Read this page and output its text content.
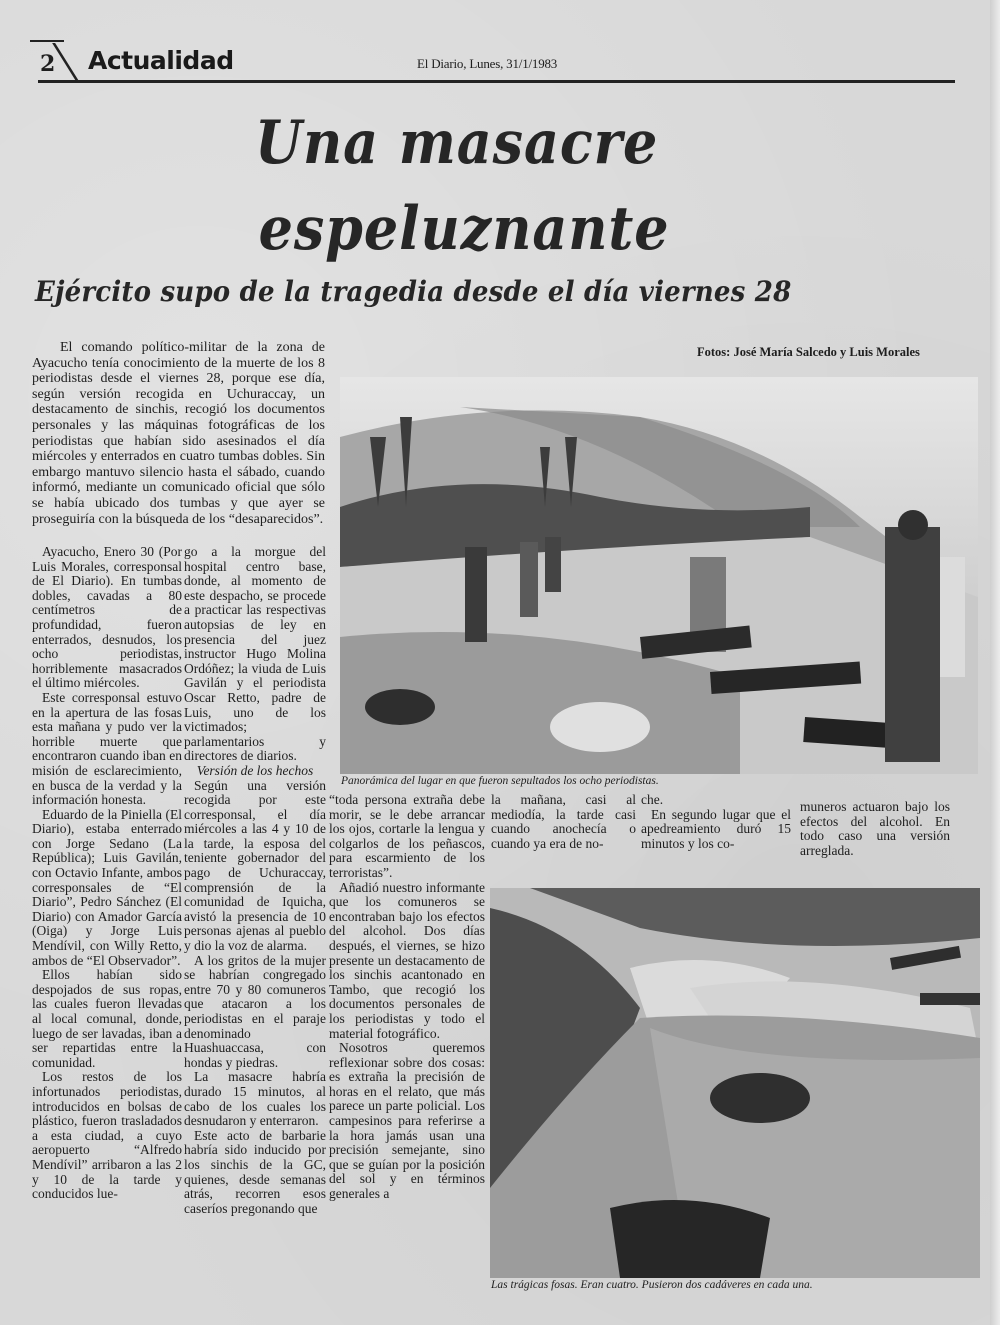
2 Actualidad	El Diario, Lunes, 31/1/1983
Una masacre
espeluznante
Ejército supo de la tragedia desde el día viernes 28
Fotos: José María Salcedo y Luis Morales
El comando político-militar de la zona de Ayacucho tenía conocimiento de la muerte de los 8 periodistas desde el viernes 28, porque ese día, según versión recogida en Uchuraccay, un destacamento de sinchis, recogió los documentos personales y las máquinas fotográficas de los periodistas que habían sido asesinados el día miércoles y enterrados en cuatro tumbas dobles. Sin embargo mantuvo silencio hasta el sábado, cuando informó, mediante un comunicado oficial que sólo se había ubicado dos tumbas y que ayer se proseguiría con la búsqueda de los “desaparecidos”.

Ayacucho, Enero 30 (Por Luis Morales, corresponsal de El Diario). En tumbas dobles, cavadas a 80 centímetros de profundidad, fueron enterrados, desnudos, los ocho periodistas, horriblemente masacrados el último miércoles.

Este corresponsal estuvo en la apertura de las fosas esta mañana y pudo ver la horrible muerte que encontraron cuando iban en misión de esclarecimiento, en busca de la verdad y la información honesta.

Eduardo de la Piniella (El Diario), estaba enterrado con Jorge Sedano (La República); Luis Gavilán, con Octavio Infante, ambos corresponsales de “El Diario”, Pedro Sánchez (El Diario) con Amador García (Oiga) y Jorge Luis Mendívil, con Willy Retto, ambos de “El Observador”.

Ellos habían sido despojados de sus ropas, las cuales fueron llevadas al local comunal, donde, luego de ser lavadas, iban a ser repartidas entre la comunidad.

Los restos de los infortunados periodistas, introducidos en bolsas de plástico, fueron trasladados a esta ciudad, a cuyo aeropuerto “Alfredo Mendívil” arribaron a las 2 y 10 de la tarde y conducidos lue-

go a la morgue del hospital centro base, donde, al momento de este despacho, se procede a practicar las respectivas autopsias de ley en presencia del juez instructor Hugo Molina Ordóñez; la viuda de Luis Gavilán y el periodista Oscar Retto, padre de Luis, uno de los victimados; parlamentarios y directores de diarios.

Versión de los hechos

Según una versión recogida por este corresponsal, el día miércoles a las 4 y 10 de la tarde, la esposa del teniente gobernador del pago de Uchuraccay, comprensión de la comunidad de Iquicha, avistó la presencia de 10 personas ajenas al pueblo y dio la voz de alarma.

A los gritos de la mujer se habrían congregado entre 70 y 80 comuneros que atacaron a los periodistas en el paraje denominado Huashuaccasa, con hondas y piedras.

La masacre habría durado 15 minutos, al cabo de los cuales los desnudaron y enterraron.

Este acto de barbarie habría sido inducido por los sinchis de la GC, quienes, desde semanas atrás, recorren esos caseríos pregonando que

Panorámica del lugar en que fueron sepultados los ocho periodistas.

“toda persona extraña debe morir, se le debe arrancar los ojos, cortarle la lengua y colgarlos de los peñascos, para escarmiento de los terroristas”.

Añadió nuestro informante que los comuneros se encontraban bajo los efectos del alcohol. Dos días después, el viernes, se hizo presente un destacamento de los sinchis acantonado en Tambo, que recogió los documentos personales de los periodistas y todo el material fotográfico.

Nosotros queremos reflexionar sobre dos cosas: es extraña la precisión de horas en el relato, que más parece un parte policial. Los campesinos para referirse a la hora jamás usan una precisión semejante, sino que se guían por la posición del sol y en términos generales a

la mañana, casi al mediodía, la tarde casi cuando anochecía o cuando ya era de no-

che.

En segundo lugar que el apedreamiento duró 15 minutos y los co-

muneros actuaron bajo los efectos del alcohol. En todo caso una versión arreglada.

Las trágicas fosas. Eran cuatro. Pusieron dos cadáveres en cada una.
